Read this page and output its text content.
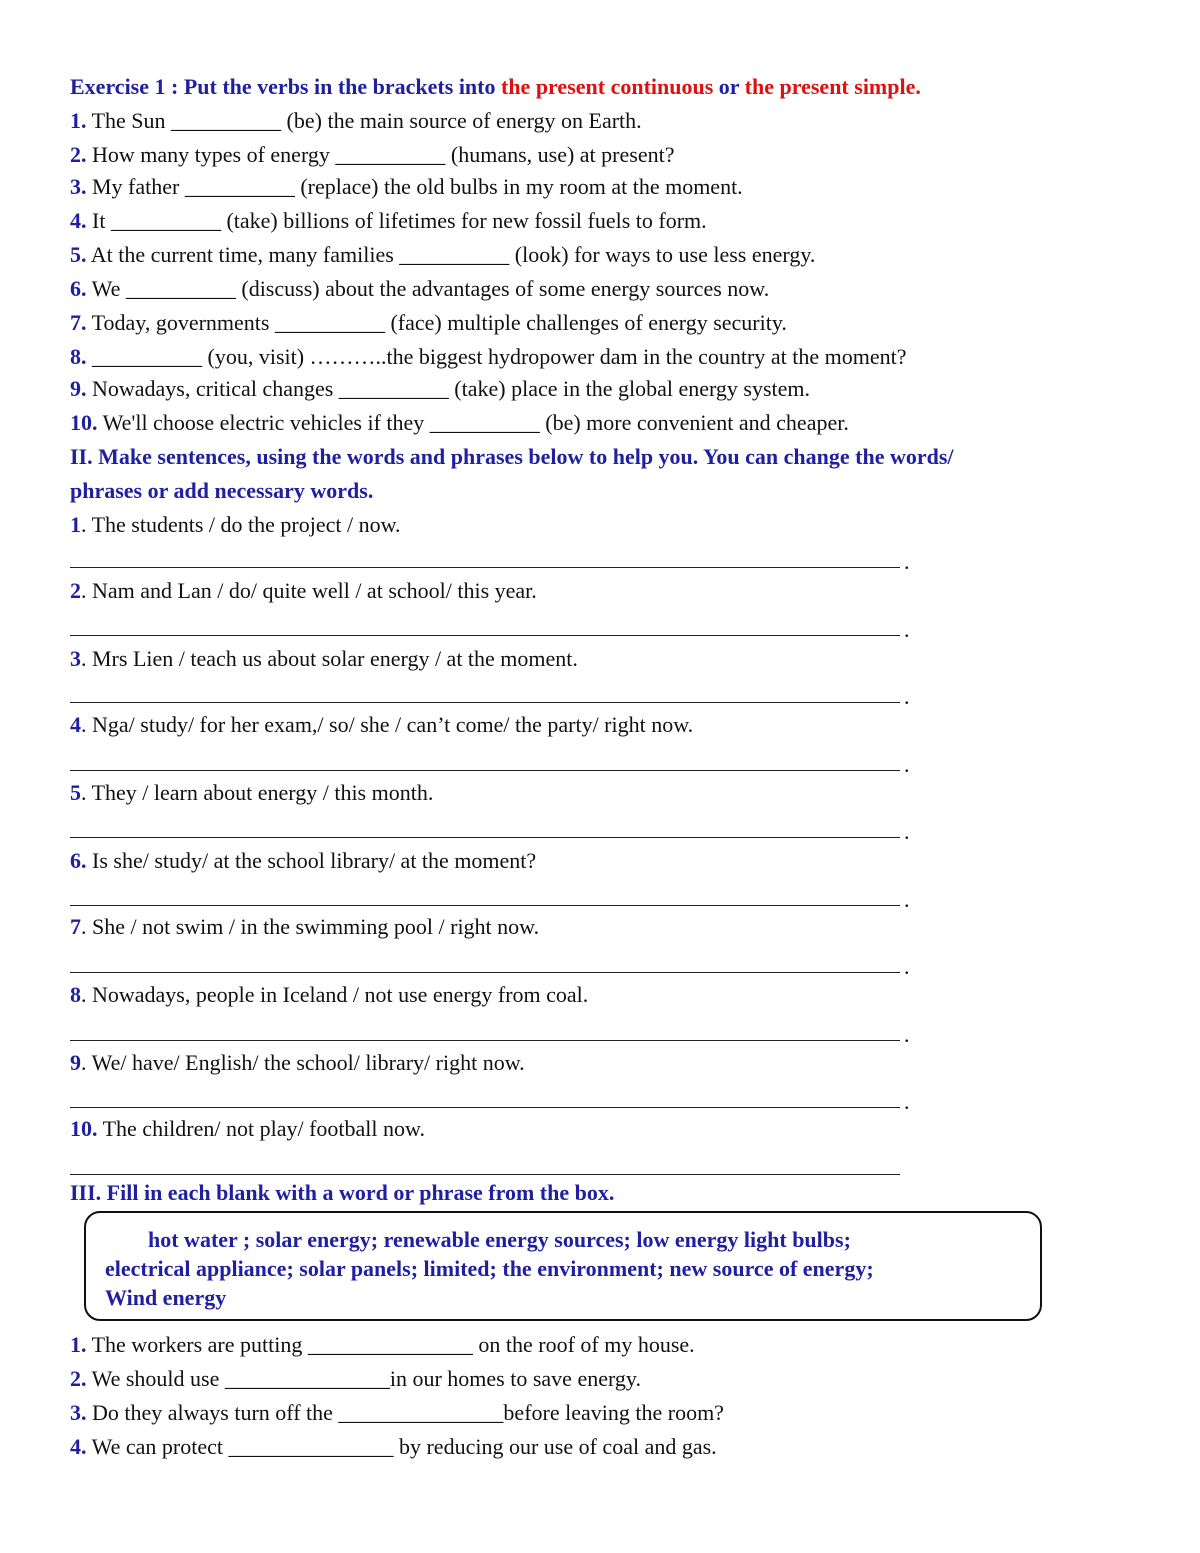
Exercise 1 : Put the verbs in the brackets into the present continuous or the present simple.
1. The Sun __________ (be) the main source of energy on Earth.
2. How many types of energy __________ (humans, use) at present?
3. My father __________ (replace) the old bulbs in my room at the moment.
4. It __________ (take) billions of lifetimes for new fossil fuels to form.
5. At the current time, many families __________ (look) for ways to use less energy.
6. We __________ (discuss) about the advantages of some energy sources now.
7. Today, governments __________ (face) multiple challenges of energy security.
8. __________ (you, visit) ………..the biggest hydropower dam in the country at the moment?
9. Nowadays, critical changes __________ (take) place in the global energy system.
10. We'll choose electric vehicles if they __________ (be) more convenient and cheaper.
II. Make sentences, using the words and phrases below to help you. You can change the words/
phrases or add necessary words.
1. The students / do the project / now.
.
2. Nam and Lan / do/ quite well / at school/ this year.
.
3. Mrs Lien / teach us about solar energy / at the moment.
.
4. Nga/ study/ for her exam,/ so/ she / can’t come/ the party/ right now.
.
5. They / learn about energy / this month.
.
6. Is she/ study/ at the school library/ at the moment?
.
7. She / not swim / in the swimming pool / right now.
.
8. Nowadays, people in Iceland / not use energy from coal.
.
9. We/ have/ English/ the school/ library/ right now.
.
10. The children/ not play/ football now.
III. Fill in each blank with a word or phrase from the box.
hot water ; solar energy; renewable energy sources; low energy light bulbs;
electrical appliance; solar panels; limited; the environment; new source of energy;
Wind energy
1. The workers are putting _______________ on the roof of my house.
2. We should use _______________in our homes to save energy.
3. Do they always turn off the _______________before leaving the room?
4. We can protect _______________ by reducing our use of coal and gas.
